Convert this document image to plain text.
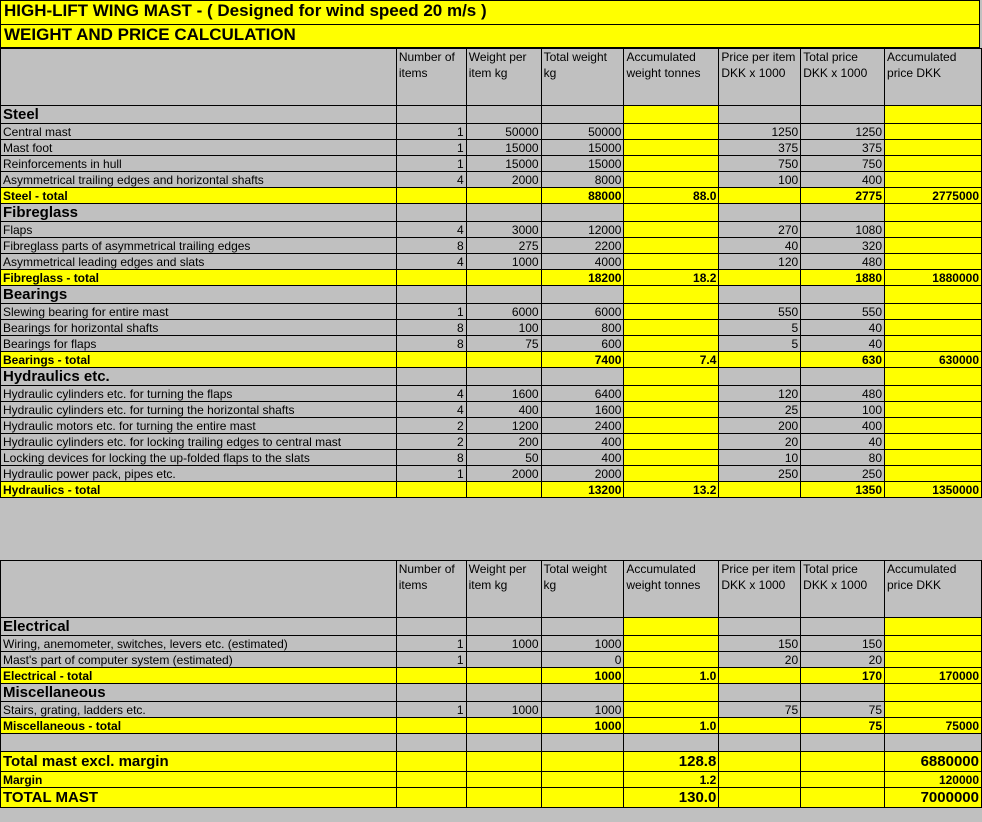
HIGH-LIFT WING MAST - ( Designed for wind speed 20 m/s )
WEIGHT AND PRICE CALCULATION
	Number of items	Weight per item kg	Total weight kg	Accumulated weight tonnes	Price per item DKK x 1000	Total price DKK x 1000	Accumulated price DKK
Steel							
Central mast	1	50000	50000		1250	1250	
Mast foot	1	15000	15000		375	375	
Reinforcements in hull	1	15000	15000		750	750	
Asymmetrical trailing edges and horizontal shafts	4	2000	8000		100	400	
Steel - total			88000	88.0		2775	2775000
Fibreglass							
Flaps	4	3000	12000		270	1080	
Fibreglass parts of asymmetrical trailing edges	8	275	2200		40	320	
Asymmetrical leading edges and slats	4	1000	4000		120	480	
Fibreglass - total			18200	18.2		1880	1880000
Bearings							
Slewing bearing for entire mast	1	6000	6000		550	550	
Bearings for horizontal shafts	8	100	800		5	40	
Bearings for flaps	8	75	600		5	40	
Bearings - total			7400	7.4		630	630000
Hydraulics etc.							
Hydraulic cylinders etc. for turning the flaps	4	1600	6400		120	480	
Hydraulic cylinders etc. for turning the horizontal shafts	4	400	1600		25	100	
Hydraulic motors etc. for turning the entire mast	2	1200	2400		200	400	
Hydraulic cylinders etc. for locking trailing edges to central mast	2	200	400		20	40	
Locking devices for locking the up-folded flaps to the slats	8	50	400		10	80	
Hydraulic power pack, pipes etc.	1	2000	2000		250	250	
Hydraulics - total			13200	13.2		1350	1350000
	Number of items	Weight per item kg	Total weight kg	Accumulated weight tonnes	Price per item DKK x 1000	Total price DKK x 1000	Accumulated price DKK
Electrical							
Wiring, anemometer, switches, levers etc. (estimated)	1	1000	1000		150	150	
Mast's part of computer system (estimated)	1		0		20	20	
Electrical - total			1000	1.0		170	170000
Miscellaneous							
Stairs, grating, ladders etc.	1	1000	1000		75	75	
Miscellaneous - total			1000	1.0		75	75000

Total mast excl. margin				128.8			6880000
Margin				1.2			120000
TOTAL MAST				130.0			7000000
